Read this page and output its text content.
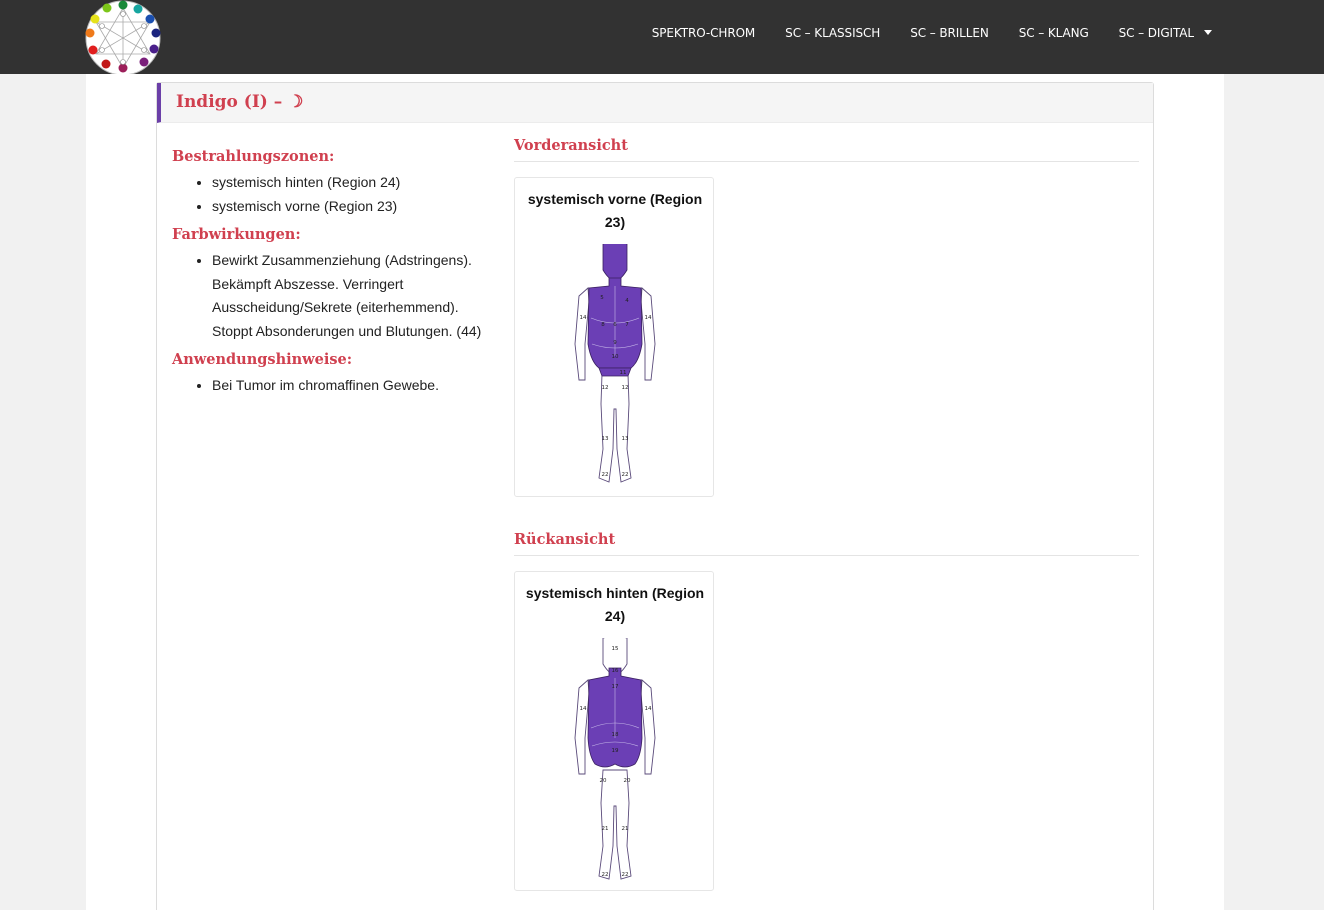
SPEKTRO-CHROM	SC – KLASSISCH	SC – BRILLEN	SC – KLANG	SC – DIGITAL
Indigo (I) – ☽
Bestrahlungszonen:
• systemisch hinten (Region 24)
• systemisch vorne (Region 23)
Farbwirkungen:
• Bewirkt Zusammenziehung (Adstringens). Bekämpft Abszesse. Verringert Ausscheidung/Sekrete (eiterhemmend). Stoppt Absonderungen und Blutungen. (44)
Anwendungshinweise:
• Bei Tumor im chromaffinen Gewebe.
Vorderansicht
systemisch vorne (Region 23)
5	4
14	14
8 6 7
9
10
11
12 12
13 13
22 22
Rückansicht
systemisch hinten (Region 24)
15
16
17
14	14
18
19
20	20
21 21
22 22
